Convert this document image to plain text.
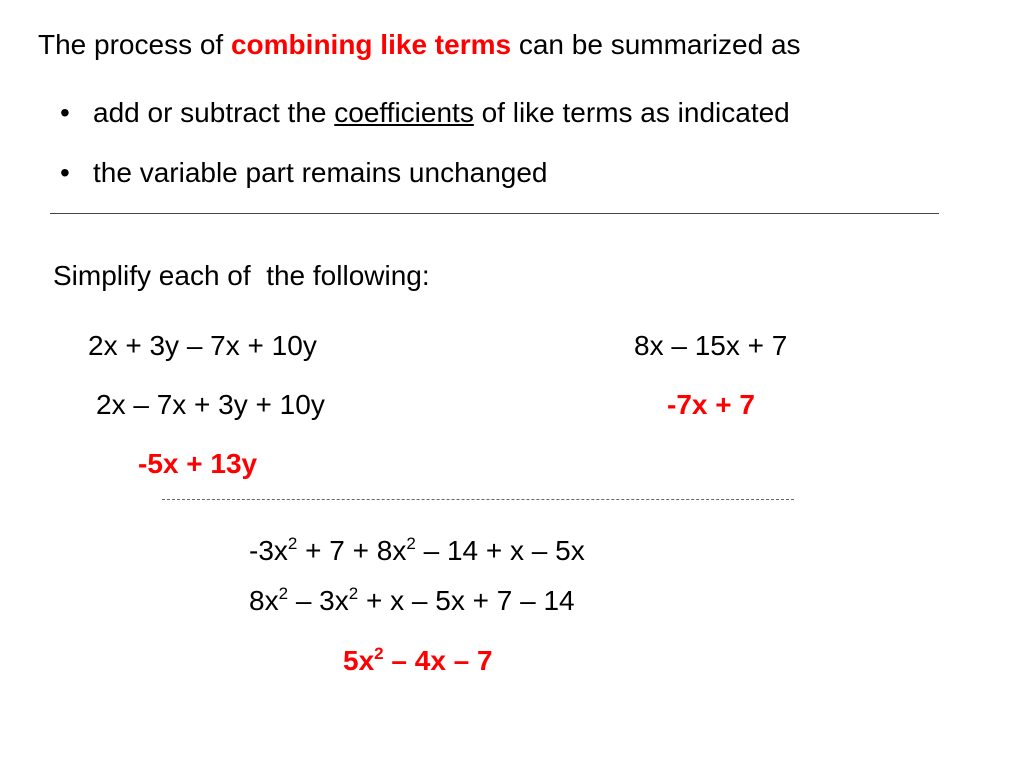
The process of combining like terms can be summarized as
• add or subtract the coefficients of like terms as indicated
• the variable part remains unchanged
Simplify each of  the following:
2x + 3y – 7x + 10y
2x – 7x + 3y + 10y
-5x + 13y
8x – 15x + 7
-7x + 7
$-3x^2 + 7 + 8x^2 - 14 + x - 5x$
$8x^2 - 3x^2 + x - 5x + 7 - 14$
$5x^2 - 4x - 7$
